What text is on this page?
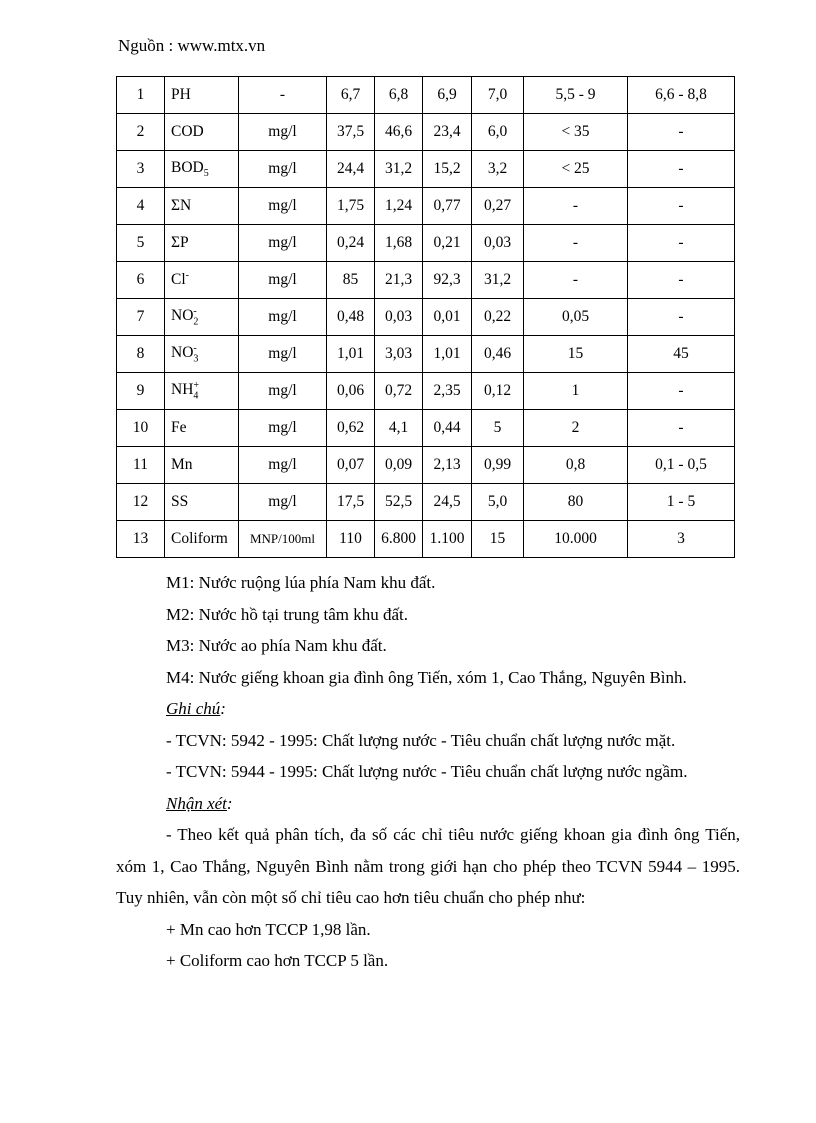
Nguồn : www.mtx.vn
1	PH	-	6,7	6,8	6,9	7,0	5,5 - 9	6,6 - 8,8
2	COD	mg/l	37,5	46,6	23,4	6,0	< 35	-
3	$BOD_5$	mg/l	24,4	31,2	15,2	3,2	< 25	-
4	ΣN	mg/l	1,75	1,24	0,77	0,27	-	-
5	ΣP	mg/l	0,24	1,68	0,21	0,03	-	-
6	Cl-	mg/l	85	21,3	92,3	31,2	-	-
7	$NO_2^-$	mg/l	0,48	0,03	0,01	0,22	0,05	-
8	$NO_3^-$	mg/l	1,01	3,03	1,01	0,46	15	45
9	$NH_4^+$	mg/l	0,06	0,72	2,35	0,12	1	-
10	Fe	mg/l	0,62	4,1	0,44	5	2	-
11	Mn	mg/l	0,07	0,09	2,13	0,99	0,8	0,1 - 0,5
12	SS	mg/l	17,5	52,5	24,5	5,0	80	1 - 5
13	Coliform	MNP/100ml	110	6.800	1.100	15	10.000	3

M1: Nước ruộng lúa phía Nam khu đất.

M2: Nước hồ tại trung tâm khu đất.

M3: Nước ao phía Nam khu đất.

M4: Nước giếng khoan gia đình ông Tiến, xóm 1, Cao Thắng, Nguyên Bình.

Ghi chú:

- TCVN: 5942 - 1995: Chất lượng nước - Tiêu chuẩn chất lượng nước mặt.

- TCVN: 5944 - 1995: Chất lượng nước - Tiêu chuẩn chất lượng nước ngầm.

Nhận xét:

- Theo kết quả phân tích, đa số các chỉ tiêu nước giếng khoan gia đình ông Tiến, xóm 1, Cao Thắng, Nguyên Bình nằm trong giới hạn cho phép theo TCVN 5944 – 1995. Tuy nhiên, vẫn còn một số chỉ tiêu cao hơn tiêu chuẩn cho phép như:

+ Mn cao hơn TCCP 1,98 lần.

+ Coliform cao hơn TCCP 5 lần.
